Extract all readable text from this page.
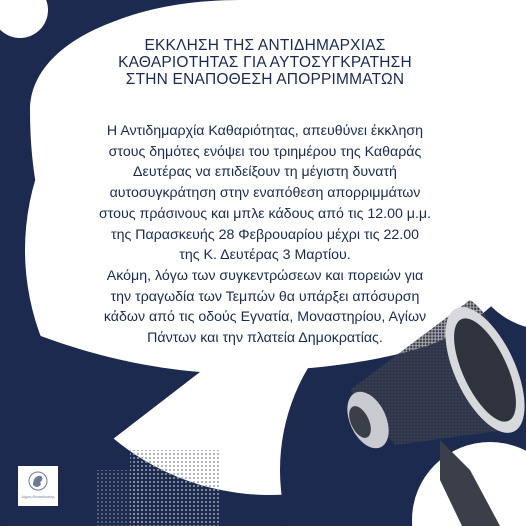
ΕΚΚΛΗΣΗ ΤΗΣ ΑΝΤΙΔΗΜΑΡΧΙΑΣ
ΚΑΘΑΡΙΟΤΗΤΑΣ ΓΙΑ ΑΥΤΟΣΥΓΚΡΑΤΗΣΗ
ΣΤΗΝ ΕΝΑΠΟΘΕΣΗ ΑΠΟΡΡΙΜΜΑΤΩΝ
Η Αντιδημαρχία Καθαριότητας, απευθύνει έκκληση
στους δημότες ενόψει του τριημέρου της Καθαράς
Δευτέρας να επιδείξουν τη μέγιστη δυνατή
αυτοσυγκράτηση στην εναπόθεση απορριμμάτων
στους πράσινους και μπλε κάδους από τις 12.00 μ.μ.
της Παρασκευής 28 Φεβρουαρίου μέχρι τις 22.00
της Κ. Δευτέρας 3 Μαρτίου.
Ακόμη, λόγω των συγκεντρώσεων και πορειών για
την τραγωδία των Τεμπών θα υπάρξει απόσυρση
κάδων από τις οδούς Εγνατία, Μοναστηρίου, Αγίων
Πάντων και την πλατεία Δημοκρατίας.
Δήμος Θεσσαλονίκης
